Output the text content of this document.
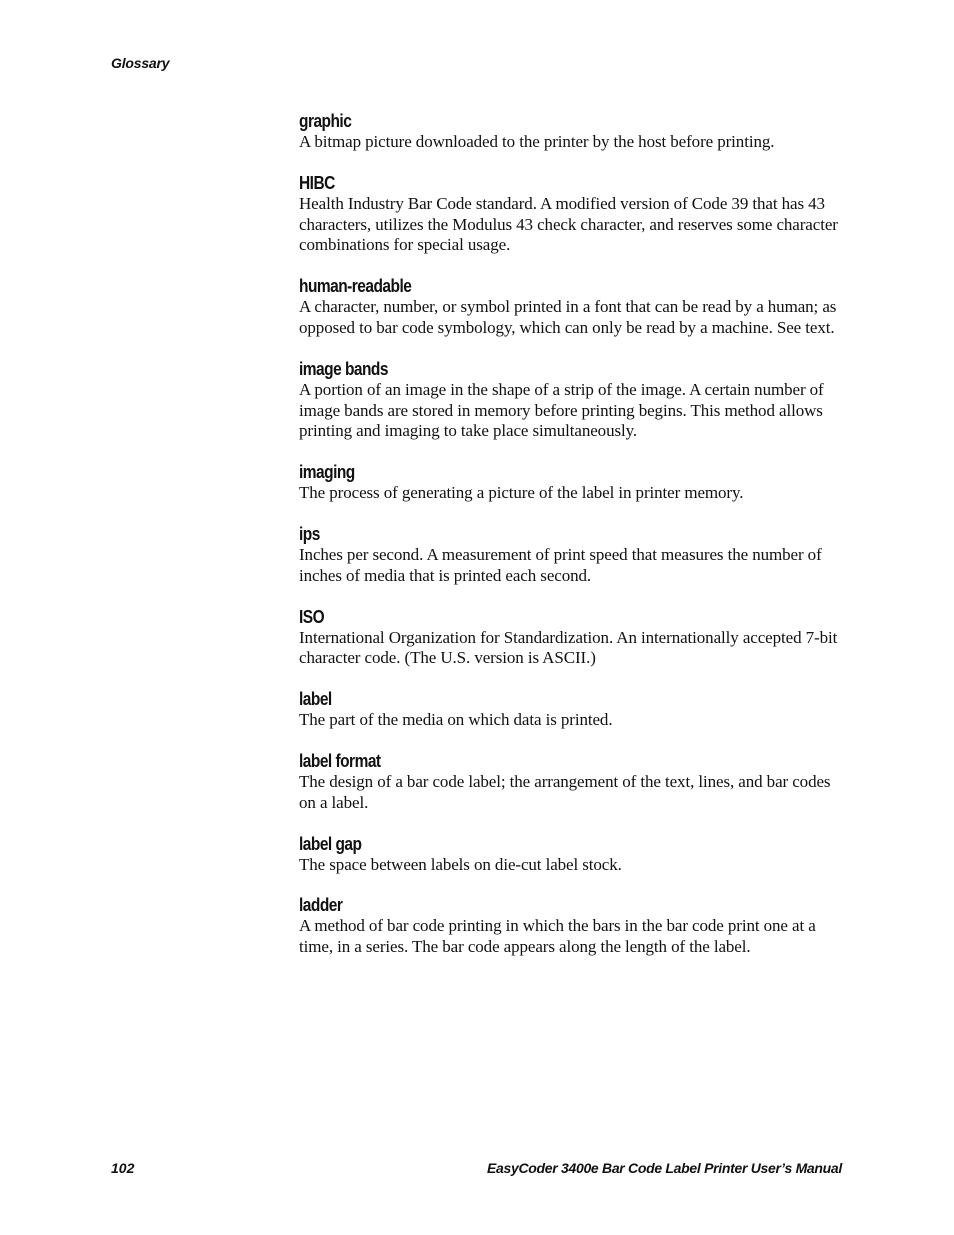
Glossary
graphic
A bitmap picture downloaded to the printer by the host before printing.
HIBC
Health Industry Bar Code standard. A modified version of Code 39 that has 43 characters, utilizes the Modulus 43 check character, and reserves some character combinations for special usage.
human-readable
A character, number, or symbol printed in a font that can be read by a human; as opposed to bar code symbology, which can only be read by a machine. See text.
image bands
A portion of an image in the shape of a strip of the image. A certain number of image bands are stored in memory before printing begins. This method allows printing and imaging to take place simultaneously.
imaging
The process of generating a picture of the label in printer memory.
ips
Inches per second. A measurement of print speed that measures the number of inches of media that is printed each second.
ISO
International Organization for Standardization. An internationally accepted 7-bit character code. (The U.S. version is ASCII.)
label
The part of the media on which data is printed.
label format
The design of a bar code label; the arrangement of the text, lines, and bar codes on a label.
label gap
The space between labels on die-cut label stock.
ladder
A method of bar code printing in which the bars in the bar code print one at a time, in a series. The bar code appears along the length of the label.
102	EasyCoder 3400e Bar Code Label Printer User’s Manual
